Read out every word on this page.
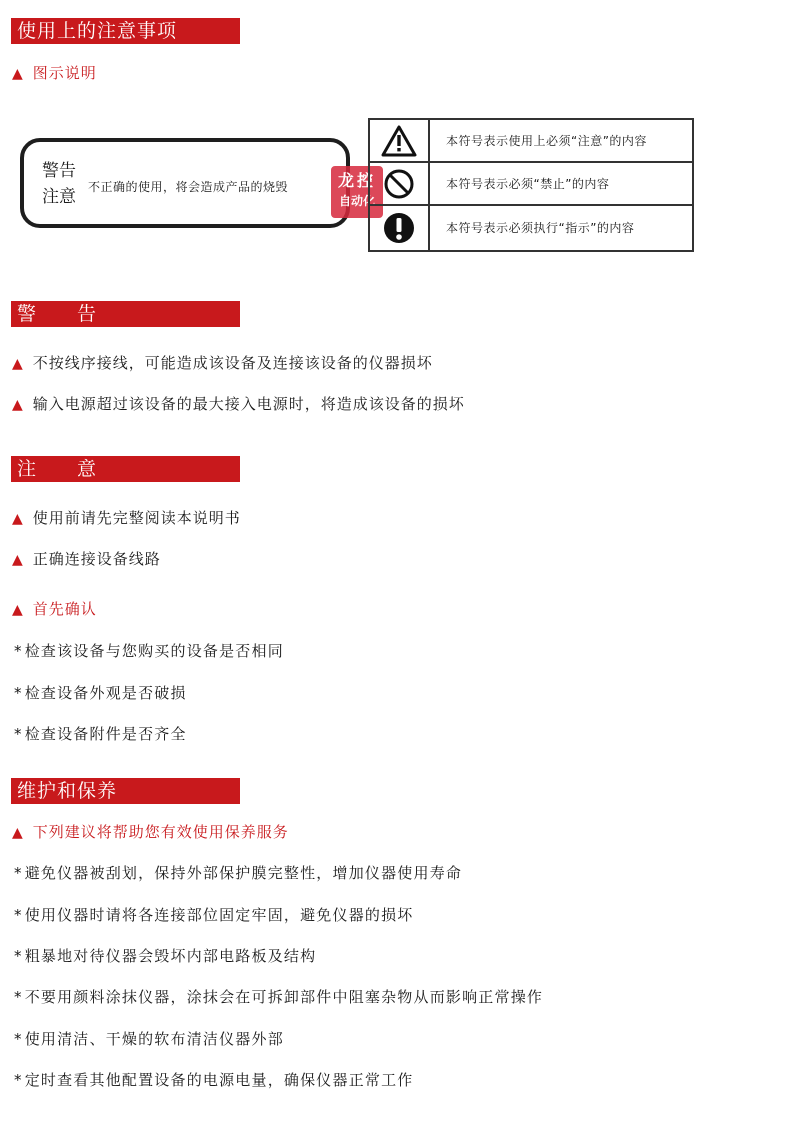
使用上的注意事项
▲ 图示说明
警告
注意 不正确的使用，将会造成产品的烧毁	龙控
自动化
本符号表示使用上必须“注意”的内容
本符号表示必须“禁止”的内容
本符号表示必须执行“指示”的内容
警　　告
▲ 不按线序接线，可能造成该设备及连接该设备的仪器损坏
▲ 输入电源超过该设备的最大接入电源时，将造成该设备的损坏
注　　意
▲ 使用前请先完整阅读本说明书
▲ 正确连接设备线路
▲ 首先确认
* 检查该设备与您购买的设备是否相同
* 检查设备外观是否破损
* 检查设备附件是否齐全
维护和保养
▲ 下列建议将帮助您有效使用保养服务
* 避免仪器被刮划，保持外部保护膜完整性，增加仪器使用寿命
* 使用仪器时请将各连接部位固定牢固，避免仪器的损坏
* 粗暴地对待仪器会毁坏内部电路板及结构
* 不要用颜料涂抹仪器，涂抹会在可拆卸部件中阻塞杂物从而影响正常操作
* 使用清洁、干燥的软布清洁仪器外部
* 定时查看其他配置设备的电源电量，确保仪器正常工作
